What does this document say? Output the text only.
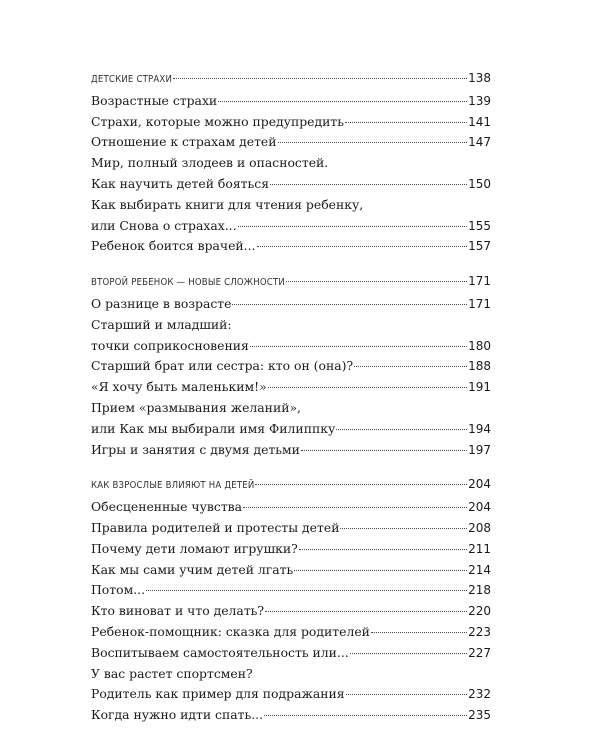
ДЕТСКИЕ СТРАХИ	138
Возрастные страхи	139
Страхи, которые можно предупредить	141
Отношение к страхам детей	147
Мир, полный злодеев и опасностей.
Как научить детей бояться	150
Как выбирать книги для чтения ребенку,
или Снова о страхах...	155
Ребенок боится врачей...	157
ВТОРОЙ РЕБЕНОК — НОВЫЕ СЛОЖНОСТИ	171
О разнице в возрасте	171
Старший и младший:
точки соприкосновения	180
Старший брат или сестра: кто он (она)?	188
«Я хочу быть маленьким!»	191
Прием «размывания желаний»,
или Как мы выбирали имя Филиппку	194
Игры и занятия с двумя детьми	197
КАК ВЗРОСЛЫЕ ВЛИЯЮТ НА ДЕТЕЙ	204
Обесцененные чувства	204
Правила родителей и протесты детей	208
Почему дети ломают игрушки?	211
Как мы сами учим детей лгать	214
Потом...	218
Кто виноват и что делать?	220
Ребенок-помощник: сказка для родителей	223
Воспитываем самостоятельность или...	227
У вас растет спортсмен?
Родитель как пример для подражания	232
Когда нужно идти спать...	235
